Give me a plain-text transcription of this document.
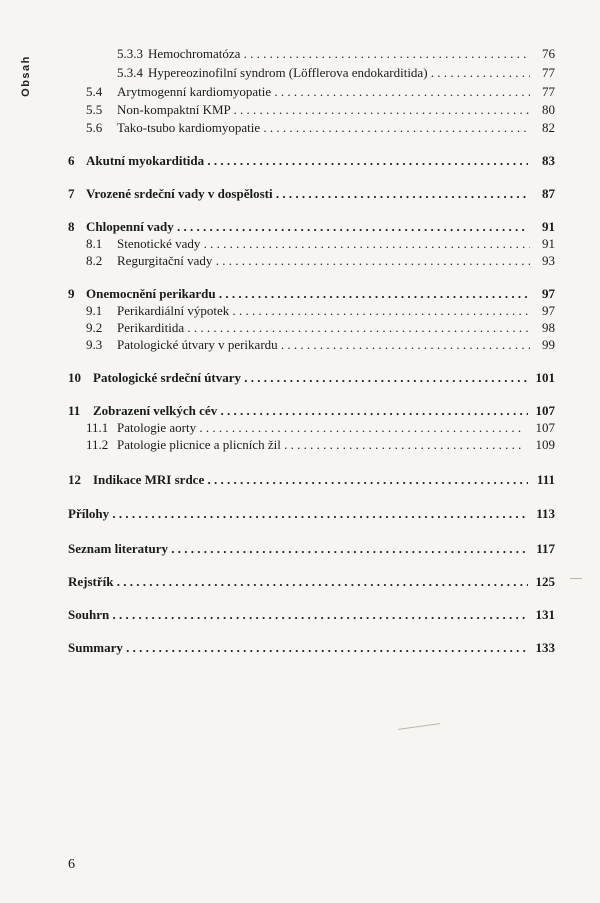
Obsah
5.3.3 Hemochromatóza . . .	76
5.3.4 Hypereozinofilní syndrom (Löfflerova endokarditida) . . .	77
5.4 Arytmogenní kardiomyopatie . . .	77
5.5 Non-kompaktní KMP . . .	80
5.6 Tako-tsubo kardiomyopatie . . .	82
6 Akutní myokarditida . . .	83
7 Vrozené srdeční vady v dospělosti . . .	87
8 Chlopenní vady . . .	91
8.1 Stenotické vady . . .	91
8.2 Regurgitační vady . . .	93
9 Onemocnění perikardu . . .	97
9.1 Perikardiální výpotek . . .	97
9.2 Perikarditida . . .	98
9.3 Patologické útvary v perikardu . . .	99
10 Patologické srdeční útvary . . .	101
11 Zobrazení velkých cév . . .	107
11.1 Patologie aorty . . .	107
11.2 Patologie plicnice a plicních žil . . .	109
12 Indikace MRI srdce . . .	111
Přílohy . . .	113
Seznam literatury . . .	117
Rejstřík . . .	125
Souhrn . . .	131
Summary . . .	133
6
